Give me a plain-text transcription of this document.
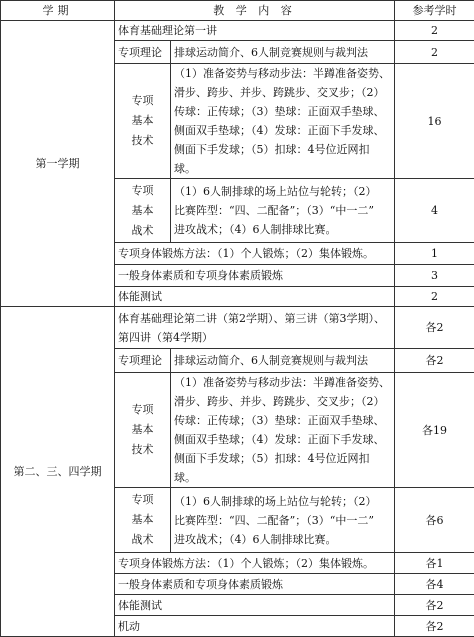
学期	教 学 内 容		参考学时
第一学期	体育基础理论第一讲		2
	专项理论	排球运动简介、6人制竞赛规则与裁判法	2

	专项
基本
技术	（1）准备姿势与移动步法：半蹲准备姿势、
滑步、跨步、并步、跨跳步、交叉步；（2）
传球：正传球；（3）垫球：正面双手垫球、
侧面双手垫球；（4）发球：正面下手发球、
侧面下手发球；（5）扣球：4号位近网扣球。	16

	专项
基本
战术	（1）6人制排球的场上站位与轮转；（2）
比赛阵型：“四、二配备”；（3）“中一二”
进攻战术；（4）6人制排球比赛。	4
	专项身体锻炼方法：（1）个人锻炼；（2）集体锻炼。		1
	一般身体素质和专项身体素质锻炼		3
	体能测试		2
第二、三、四学期	体育基础理论第二讲（第2学期）、第三讲（第3学期）、第四讲（第4学期）		各2
	专项理论	排球运动简介、6人制竞赛规则与裁判法	各2

	专项
基本
技术	（1）准备姿势与移动步法：半蹲准备姿势、
滑步、跨步、并步、跨跳步、交叉步；（2）
传球：正传球；（3）垫球：正面双手垫球、
侧面双手垫球；（4）发球：正面下手发球、
侧面下手发球；（5）扣球：4号位近网扣球。	各19

	专项
基本
战术	（1）6人制排球的场上站位与轮转；（2）
比赛阵型：“四、二配备”；（3）“中一二”
进攻战术；（4）6人制排球比赛。	各6
	专项身体锻炼方法：（1）个人锻炼；（2）集体锻炼。		各1
	一般身体素质和专项身体素质锻炼		各4
	体能测试		各2
	机动		各2
